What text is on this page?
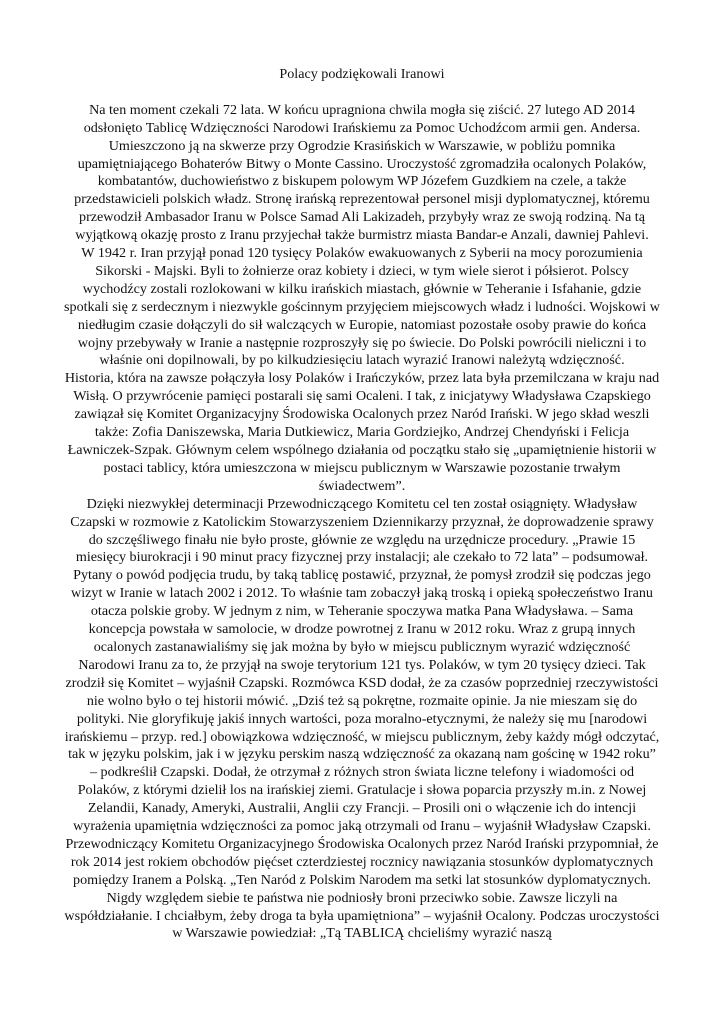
Polacy podziękowali Iranowi

Na ten moment czekali 72 lata. W końcu upragniona chwila mogła się ziścić. 27 lutego AD 2014 odsłonięto Tablicę Wdzięczności Narodowi Irańskiemu za Pomoc Uchodźcom armii gen. Andersa. Umieszczono ją na skwerze przy Ogrodzie Krasińskich w Warszawie, w pobliżu pomnika upamiętniającego Bohaterów Bitwy o Monte Cassino. Uroczystość zgromadziła ocalonych Polaków, kombatantów, duchowieństwo z biskupem polowym WP Józefem Guzdkiem na czele, a także przedstawicieli polskich władz. Stronę irańską reprezentował personel misji dyplomatycznej, któremu przewodził Ambasador Iranu w Polsce Samad Ali Lakizadeh, przybyły wraz ze swoją rodziną. Na tą wyjątkową okazję prosto z Iranu przyjechał także burmistrz miasta Bandar-e Anzali, dawniej Pahlevi.

W 1942 r. Iran przyjął ponad 120 tysięcy Polaków ewakuowanych z Syberii na mocy porozumienia Sikorski - Majski. Byli to żołnierze oraz kobiety i dzieci, w tym wiele sierot i półsierot. Polscy wychodźcy zostali rozlokowani w kilku irańskich miastach, głównie w Teheranie i Isfahanie, gdzie spotkali się z serdecznym i niezwykle gościnnym przyjęciem miejscowych władz i ludności. Wojskowi w niedługim czasie dołączyli do sił walczących w Europie, natomiast pozostałe osoby prawie do końca wojny przebywały w Iranie a następnie rozproszyły się po świecie. Do Polski powrócili nieliczni i to właśnie oni dopilnowali, by po kilkudziesięciu latach wyrazić Iranowi należytą wdzięczność.

Historia, która na zawsze połączyła losy Polaków i Irańczyków, przez lata była przemilczana w kraju nad Wisłą. O przywrócenie pamięci postarali się sami Ocaleni. I tak, z inicjatywy Władysława Czapskiego zawiązał się Komitet Organizacyjny Środowiska Ocalonych przez Naród Irański. W jego skład weszli także: Zofia Daniszewska, Maria Dutkiewicz, Maria Gordziejko, Andrzej Chendyński i Felicja Ławniczek-Szpak. Głównym celem wspólnego działania od początku stało się „upamiętnienie historii w postaci tablicy, która umieszczona w miejscu publicznym w Warszawie pozostanie trwałym świadectwem”.

Dzięki niezwykłej determinacji Przewodniczącego Komitetu cel ten został osiągnięty. Władysław Czapski w rozmowie z Katolickim Stowarzyszeniem Dziennikarzy przyznał, że doprowadzenie sprawy do szczęśliwego finału nie było proste, głównie ze względu na urzędnicze procedury. „Prawie 15 miesięcy biurokracji i 90 minut pracy fizycznej przy instalacji; ale czekało to 72 lata” – podsumował. Pytany o powód podjęcia trudu, by taką tablicę postawić, przyznał, że pomysł zrodził się podczas jego wizyt w Iranie w latach 2002 i 2012. To właśnie tam zobaczył jaką troską i opieką społeczeństwo Iranu otacza polskie groby. W jednym z nim, w Teheranie spoczywa matka Pana Władysława. – Sama koncepcja powstała w samolocie, w drodze powrotnej z Iranu w 2012 roku. Wraz z grupą innych ocalonych zastanawialiśmy się jak można by było w miejscu publicznym wyrazić wdzięczność Narodowi Iranu za to, że przyjął na swoje terytorium 121 tys. Polaków, w tym 20 tysięcy dzieci. Tak zrodził się Komitet – wyjaśnił Czapski. Rozmówca KSD dodał, że za czasów poprzedniej rzeczywistości nie wolno było o tej historii mówić. „Dziś też są pokrętne, rozmaite opinie. Ja nie mieszam się do polityki. Nie gloryfikuję jakiś innych wartości, poza moralno-etycznymi, że należy się mu [narodowi irańskiemu – przyp. red.] obowiązkowa wdzięczność, w miejscu publicznym, żeby każdy mógł odczytać, tak w języku polskim, jak i w języku perskim naszą wdzięczność za okazaną nam gościnę w 1942 roku” – podkreślił Czapski. Dodał, że otrzymał z różnych stron świata liczne telefony i wiadomości od Polaków, z którymi dzielił los na irańskiej ziemi. Gratulacje i słowa poparcia przyszły m.in. z Nowej Zelandii, Kanady, Ameryki, Australii, Anglii czy Francji. – Prosili oni o włączenie ich do intencji wyrażenia upamiętnia wdzięczności za pomoc jaką otrzymali od Iranu – wyjaśnił Władysław Czapski.

Przewodniczący Komitetu Organizacyjnego Środowiska Ocalonych przez Naród Irański przypomniał, że rok 2014 jest rokiem obchodów pięćset czterdziestej rocznicy nawiązania stosunków dyplomatycznych pomiędzy Iranem a Polską. „Ten Naród z Polskim Narodem ma setki lat stosunków dyplomatycznych. Nigdy względem siebie te państwa nie podniosły broni przeciwko sobie. Zawsze liczyli na współdziałanie. I chciałbym, żeby droga ta była upamiętniona” – wyjaśnił Ocalony. Podczas uroczystości w Warszawie powiedział: „Tą TABLICĄ chcieliśmy wyrazić naszą
